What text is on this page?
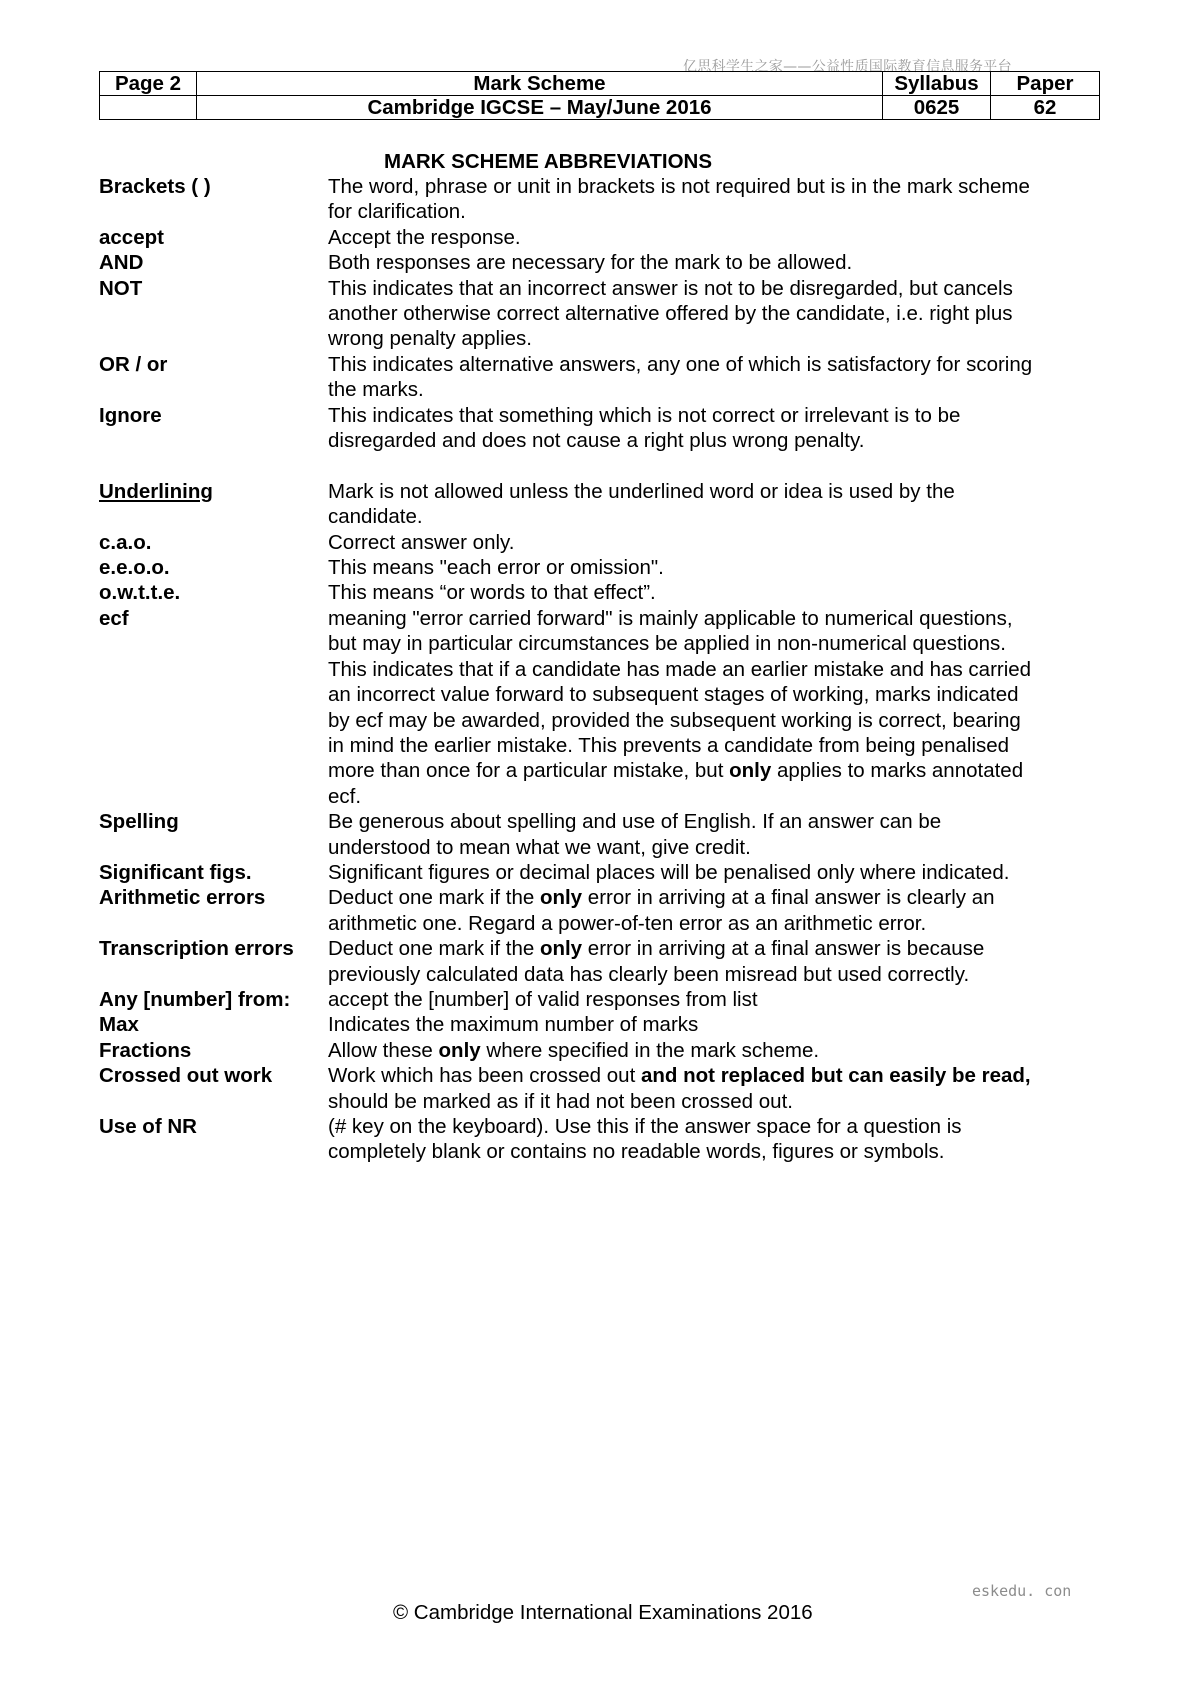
亿思科学生之家——公益性质国际教育信息服务平台
Page 2	Mark Scheme	Syllabus	Paper
	Cambridge IGCSE – May/June 2016	0625	62
MARK SCHEME ABBREVIATIONS
Brackets ( )	The word, phrase or unit in brackets is not required but is in the mark scheme
for clarification.
accept	Accept the response.
AND	Both responses are necessary for the mark to be allowed.
NOT	This indicates that an incorrect answer is not to be disregarded, but cancels
another otherwise correct alternative offered by the candidate, i.e. right plus
wrong penalty applies.
OR / or	This indicates alternative answers, any one of which is satisfactory for scoring
the marks.
Ignore	This indicates that something which is not correct or irrelevant is to be
disregarded and does not cause a right plus wrong penalty.
Underlining	Mark is not allowed unless the underlined word or idea is used by the
candidate.
c.a.o.	Correct answer only.
e.e.o.o.	This means "each error or omission".
o.w.t.t.e.	This means “or words to that effect”.
ecf	meaning "error carried forward" is mainly applicable to numerical questions,
but may in particular circumstances be applied in non-numerical questions.
This indicates that if a candidate has made an earlier mistake and has carried
an incorrect value forward to subsequent stages of working, marks indicated
by ecf may be awarded, provided the subsequent working is correct, bearing
in mind the earlier mistake. This prevents a candidate from being penalised
more than once for a particular mistake, but only applies to marks annotated
ecf.
Spelling	Be generous about spelling and use of English. If an answer can be
understood to mean what we want, give credit.
Significant figs.	Significant figures or decimal places will be penalised only where indicated.
Arithmetic errors	Deduct one mark if the only error in arriving at a final answer is clearly an
arithmetic one. Regard a power-of-ten error as an arithmetic error.
Transcription errors	Deduct one mark if the only error in arriving at a final answer is because
previously calculated data has clearly been misread but used correctly.
Any [number] from:	accept the [number] of valid responses from list
Max	Indicates the maximum number of marks
Fractions	Allow these only where specified in the mark scheme.
Crossed out work	Work which has been crossed out and not replaced but can easily be read,
should be marked as if it had not been crossed out.
Use of NR	(# key on the keyboard). Use this if the answer space for a question is
completely blank or contains no readable words, figures or symbols.
eskedu. con
© Cambridge International Examinations 2016
